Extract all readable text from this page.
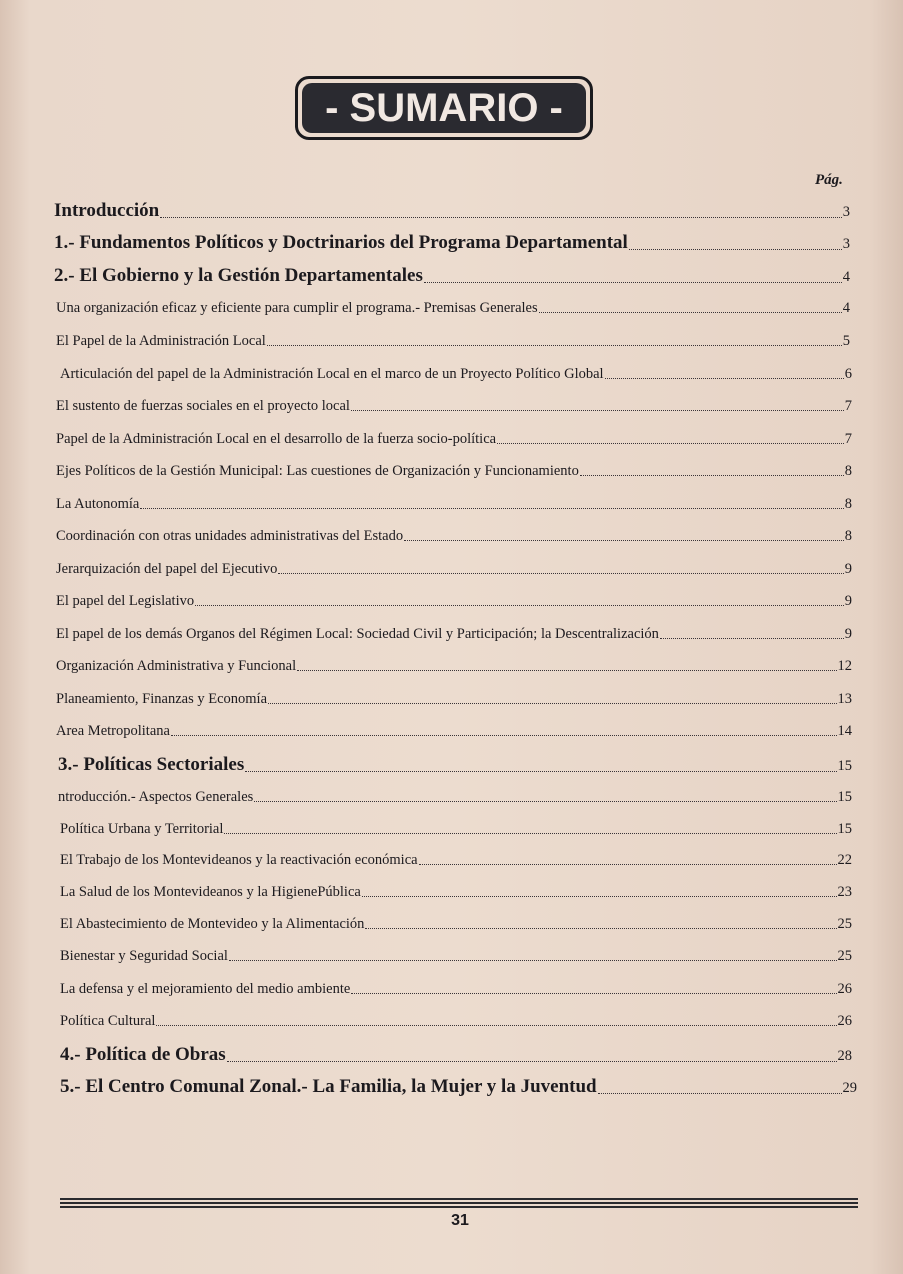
- SUMARIO -
Pág.
Introducción	3
1.- Fundamentos Políticos y Doctrinarios del Programa Departamental	3
2.- El Gobierno y la Gestión Departamentales	4
Una organización eficaz y eficiente para cumplir el programa.- Premisas Generales	4
El Papel de la Administración Local	5
Articulación del papel de la Administración Local en el marco de un Proyecto Político Global	6
El sustento de fuerzas sociales en el proyecto local	7
Papel de la Administración Local en el desarrollo de la fuerza socio-política	7
Ejes Políticos de la Gestión Municipal: Las cuestiones de Organización y Funcionamiento	8
La Autonomía	8
Coordinación con otras unidades administrativas del Estado	8
Jerarquización del papel del Ejecutivo	9
El papel del Legislativo	9
El papel de los demás Organos del Régimen Local: Sociedad Civil y Participación; la Descentralización	9
Organización Administrativa y Funcional	12
Planeamiento, Finanzas y Economía	13
Area Metropolitana	14
3.- Políticas Sectoriales	15
ntroducción.- Aspectos Generales	15
Política Urbana y Territorial	15
El Trabajo de los Montevideanos y la reactivación económica	22
La Salud de los Montevideanos y la HigienePública	23
El Abastecimiento de Montevideo y la Alimentación	25
Bienestar y Seguridad Social	25
La defensa y el mejoramiento del medio ambiente	26
Política Cultural	26
4.- Política de Obras	28
5.- El Centro Comunal Zonal.- La Familia, la Mujer y la Juventud	29
31
